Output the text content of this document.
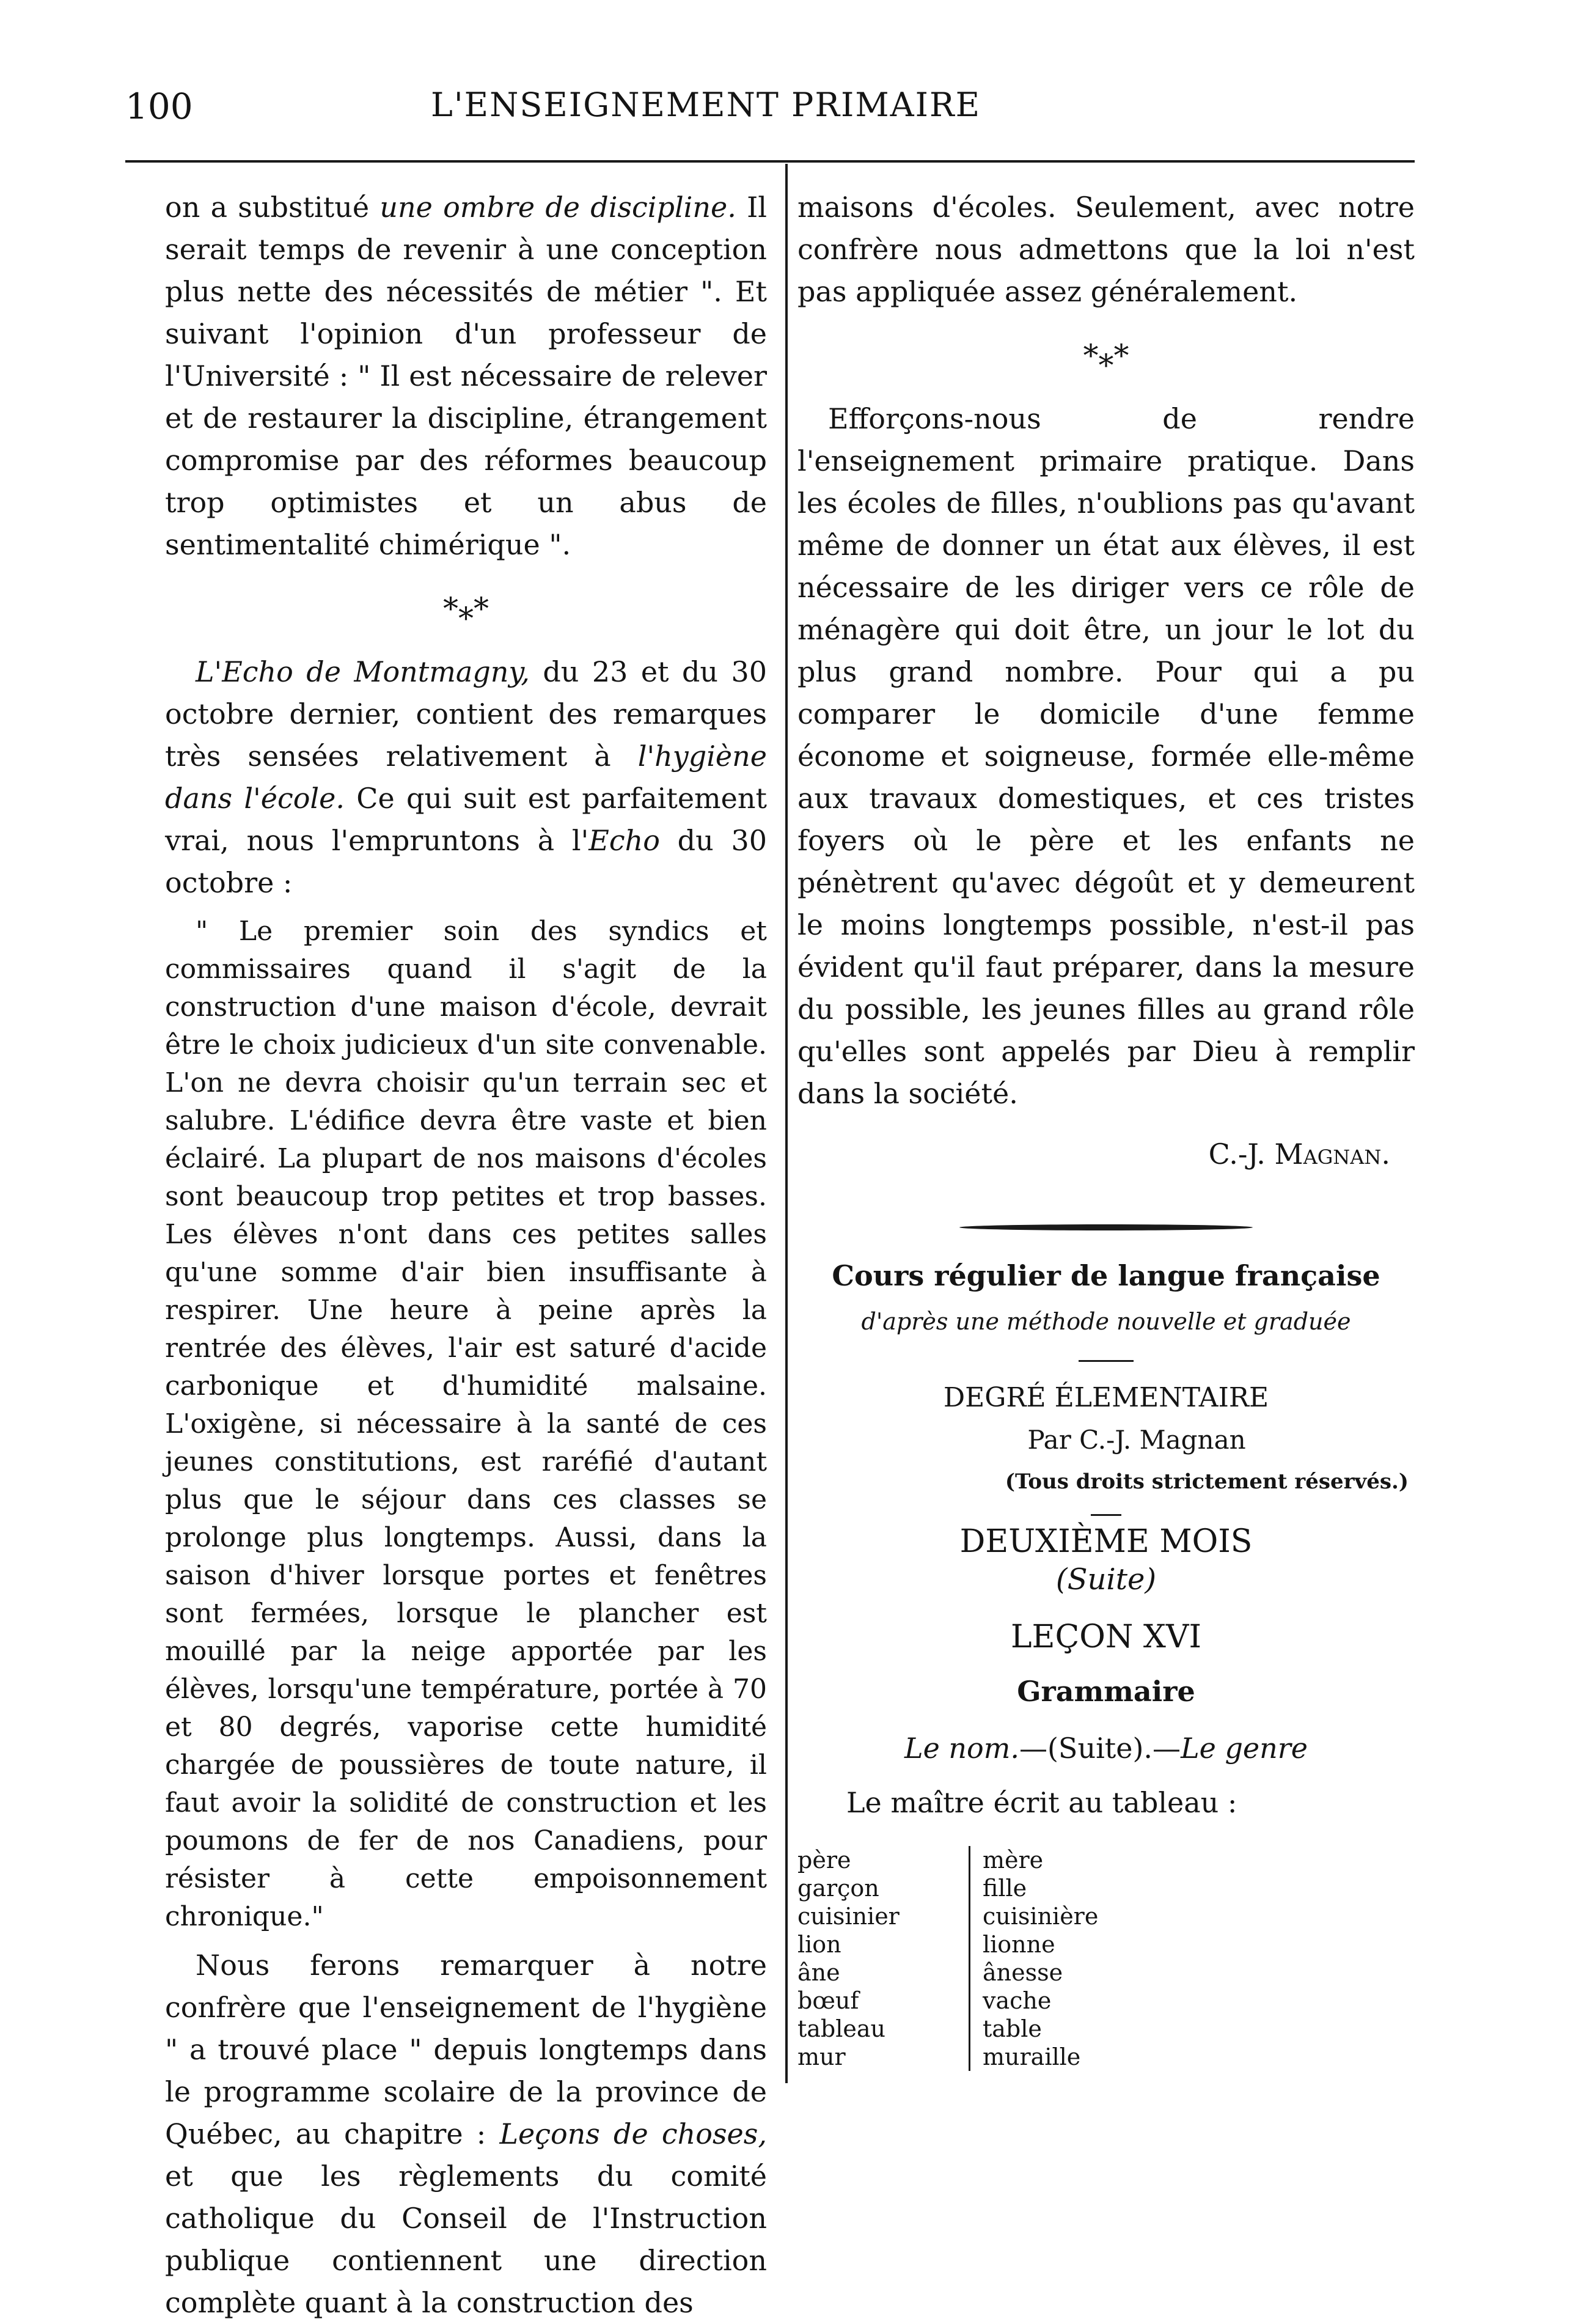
100	L'ENSEIGNEMENT PRIMAIRE

on a substitué une ombre de discipline. Il serait temps de revenir à une conception plus nette des nécessités de métier ". Et suivant l'opinion d'un professeur de l'Université : " Il est nécessaire de relever et de restaurer la discipline, étrangement compromise par des réformes beaucoup trop optimistes et un abus de sentimentalité chimérique ".

*⁎*

L'Echo de Montmagny, du 23 et du 30 octobre dernier, contient des remarques très sensées relativement à l'hygiène dans l'école. Ce qui suit est parfaitement vrai, nous l'empruntons à l'Echo du 30 octobre :

" Le premier soin des syndics et commissaires quand il s'agit de la construction d'une maison d'école, devrait être le choix judicieux d'un site convenable. L'on ne devra choisir qu'un terrain sec et salubre. L'édifice devra être vaste et bien éclairé. La plupart de nos maisons d'écoles sont beaucoup trop petites et trop basses. Les élèves n'ont dans ces petites salles qu'une somme d'air bien insuffisante à respirer. Une heure à peine après la rentrée des élèves, l'air est saturé d'acide carbonique et d'humidité malsaine. L'oxigène, si nécessaire à la santé de ces jeunes constitutions, est raréfié d'autant plus que le séjour dans ces classes se prolonge plus longtemps. Aussi, dans la saison d'hiver lorsque portes et fenêtres sont fermées, lorsque le plancher est mouillé par la neige apportée par les élèves, lorsqu'une température, portée à 70 et 80 degrés, vaporise cette humidité chargée de poussières de toute nature, il faut avoir la solidité de construction et les poumons de fer de nos Canadiens, pour résister à cette empoisonnement chronique."

Nous ferons remarquer à notre confrère que l'enseignement de l'hygiène " a trouvé place " depuis longtemps dans le programme scolaire de la province de Québec, au chapitre : Leçons de choses, et que les règlements du comité catholique du Conseil de l'Instruction publique contiennent une direction complète quant à la construction des

maisons d'écoles. Seulement, avec notre confrère nous admettons que la loi n'est pas appliquée assez généralement.

*⁎*

Efforçons-nous de rendre l'enseignement primaire pratique. Dans les écoles de filles, n'oublions pas qu'avant même de donner un état aux élèves, il est nécessaire de les diriger vers ce rôle de ménagère qui doit être, un jour le lot du plus grand nombre. Pour qui a pu comparer le domicile d'une femme économe et soigneuse, formée elle-même aux travaux domestiques, et ces tristes foyers où le père et les enfants ne pénètrent qu'avec dégoût et y demeurent le moins longtemps possible, n'est-il pas évident qu'il faut préparer, dans la mesure du possible, les jeunes filles au grand rôle qu'elles sont appelés par Dieu à remplir dans la société.

C.-J. Magnan.
Cours régulier de langue française
d'après une méthode nouvelle et graduée
DEGRÉ ÉLEMENTAIRE
Par C.-J. Magnan
(Tous droits strictement réservés.)
DEUXIÈME MOIS
(Suite)
LEÇON XVI
Grammaire
Le nom.—(Suite).—Le genre
Le maître écrit au tableau :
père
garçon
cuisinier
lion
âne
bœuf
tableau
mur
mère
fille
cuisinière
lionne
ânesse
vache
table
muraille
